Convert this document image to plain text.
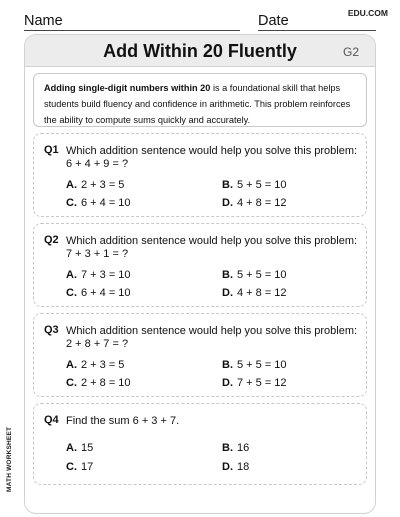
EDU.COM
Name	Date
MATH WORKSHEET
Add Within 20 Fluently	G2
Adding single-digit numbers within 20 is a foundational skill that helps students build fluency and confidence in arithmetic. This problem reinforces the ability to compute sums quickly and accurately.
Q1 Which addition sentence would help you solve this problem:
6 + 4 + 9 = ?
A. 2 + 3 = 5	B. 5 + 5 = 10
C. 6 + 4 = 10	D. 4 + 8 = 12
Q2 Which addition sentence would help you solve this problem:
7 + 3 + 1 = ?
A. 7 + 3 = 10	B. 5 + 5 = 10
C. 6 + 4 = 10	D. 4 + 8 = 12
Q3 Which addition sentence would help you solve this problem:
2 + 8 + 7 = ?
A. 2 + 3 = 5	B. 5 + 5 = 10
C. 2 + 8 = 10	D. 7 + 5 = 12
Q4 Find the sum 6 + 3 + 7.
A. 15	B. 16
C. 17	D. 18
